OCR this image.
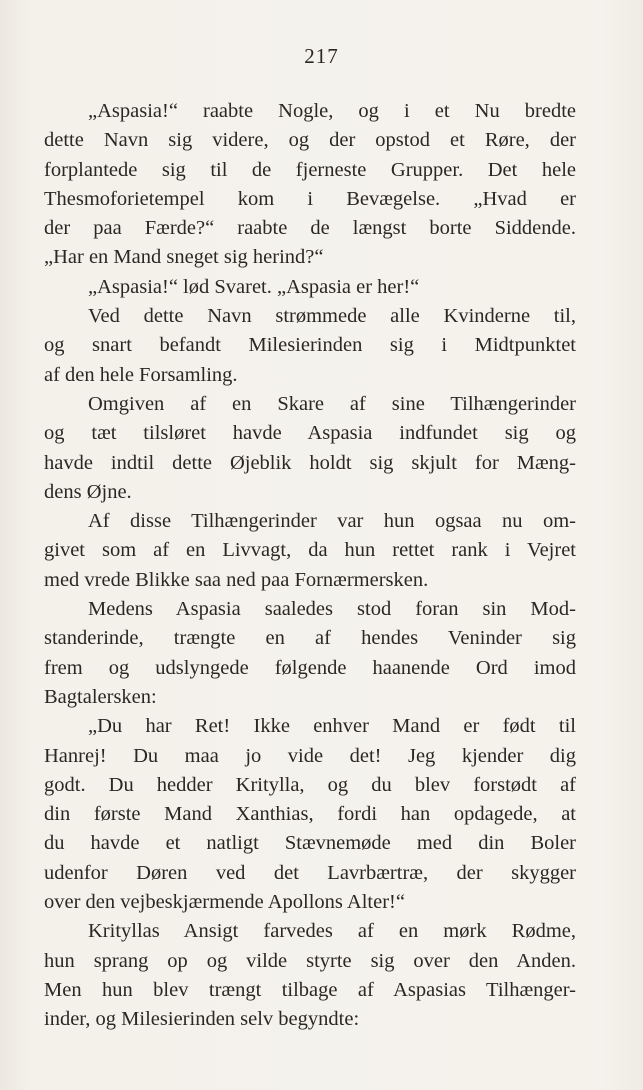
217
„Aspasia!“ raabte Nogle, og i et Nu bredte
dette Navn sig videre, og der opstod et Røre, der
forplantede sig til de fjerneste Grupper. Det hele
Thesmoforietempel kom i Bevægelse. „Hvad er
der paa Færde?“ raabte de længst borte Siddende.
„Har en Mand sneget sig herind?“
„Aspasia!“ lød Svaret. „Aspasia er her!“
Ved dette Navn strømmede alle Kvinderne til,
og snart befandt Milesierinden sig i Midtpunktet
af den hele Forsamling.
Omgiven af en Skare af sine Tilhængerinder
og tæt tilsløret havde Aspasia indfundet sig og
havde indtil dette Øjeblik holdt sig skjult for Mæng-
dens Øjne.
Af disse Tilhængerinder var hun ogsaa nu om-
givet som af en Livvagt, da hun rettet rank i Vejret
med vrede Blikke saa ned paa Fornærmersken.
Medens Aspasia saaledes stod foran sin Mod-
standerinde, trængte en af hendes Veninder sig
frem og udslyngede følgende haanende Ord imod
Bagtalersken:
„Du har Ret! Ikke enhver Mand er født til
Hanrej! Du maa jo vide det! Jeg kjender dig
godt. Du hedder Kritylla, og du blev forstødt af
din første Mand Xanthias, fordi han opdagede, at
du havde et natligt Stævnemøde med din Boler
udenfor Døren ved det Lavrbærtræ, der skygger
over den vejbeskjærmende Apollons Alter!“
Krityllas Ansigt farvedes af en mørk Rødme,
hun sprang op og vilde styrte sig over den Anden.
Men hun blev trængt tilbage af Aspasias Tilhænger-
inder, og Milesierinden selv begyndte:
